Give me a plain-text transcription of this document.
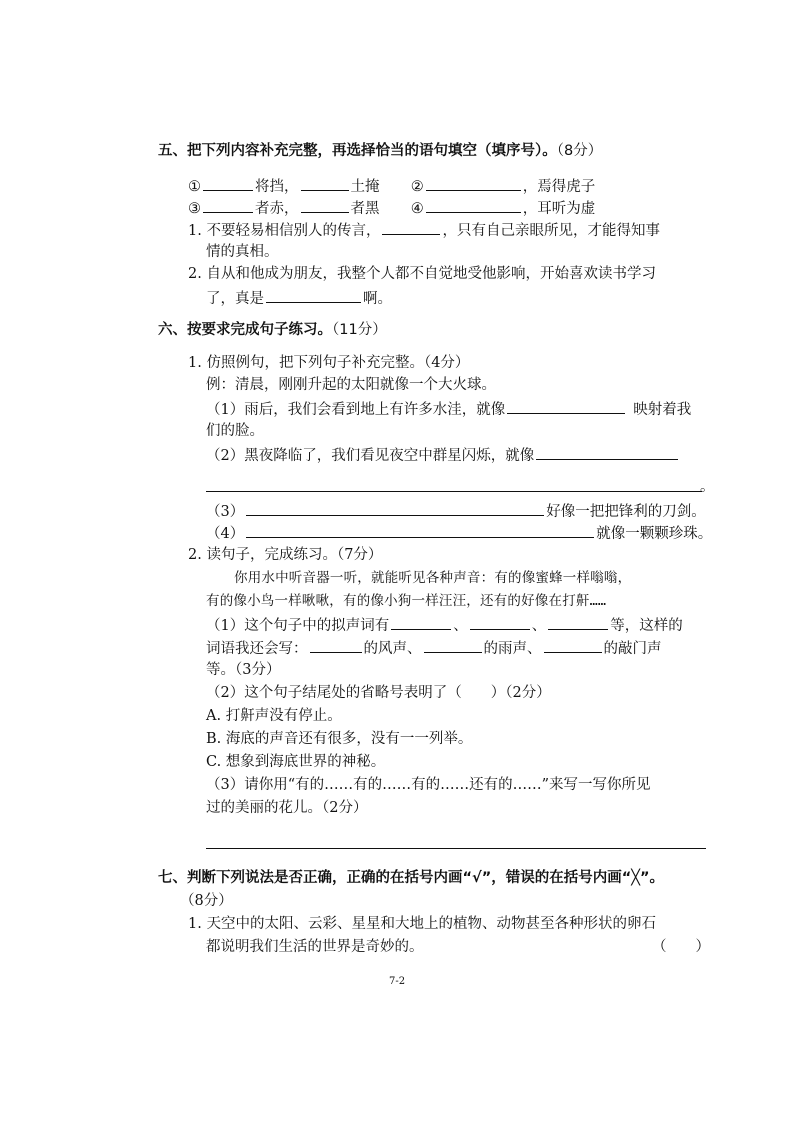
五、把下列内容补充完整，再选择恰当的语句填空（填序号）。（8分）
①	将挡，	土掩 ②	，焉得虎子
③	者赤，	者黑 ④	，耳听为虚
1. 不要轻易相信别人的传言，	，只有自己亲眼所见，才能得知事
情的真相。
2. 自从和他成为朋友，我整个人都不自觉地受他影响，开始喜欢读书学习
了，真是	啊。
六、按要求完成句子练习。（11分）
1. 仿照例句，把下列句子补充完整。（4分）
例：清晨，刚刚升起的太阳就像一个大火球。
（1）雨后，我们会看到地上有许多水洼，就像	映射着我
们的脸。
（2）黑夜降临了，我们看见夜空中群星闪烁，就像
。
（3）	好像一把把锋利的刀剑。
（4）	就像一颗颗珍珠。
2. 读句子，完成练习。（7分）
你用水中听音器一听，就能听见各种声音：有的像蜜蜂一样嗡嗡，
有的像小鸟一样啾啾，有的像小狗一样汪汪，还有的好像在打鼾……
（1）这个句子中的拟声词有	、	、	等，这样的
词语我还会写：	的风声、	的雨声、	的敲门声
等。（3分）
（2）这个句子结尾处的省略号表明了（　　）（2分）
A. 打鼾声没有停止。
B. 海底的声音还有很多，没有一一列举。
C. 想象到海底世界的神秘。
（3）请你用“有的……有的……有的……还有的……”来写一写你所见
过的美丽的花儿。（2分）
七、判断下列说法是否正确，正确的在括号内画“√”，错误的在括号内画“╳”。
（8分）
1. 天空中的太阳、云彩、星星和大地上的植物、动物甚至各种形状的卵石
都说明我们生活的世界是奇妙的。	（　　）
7-2
